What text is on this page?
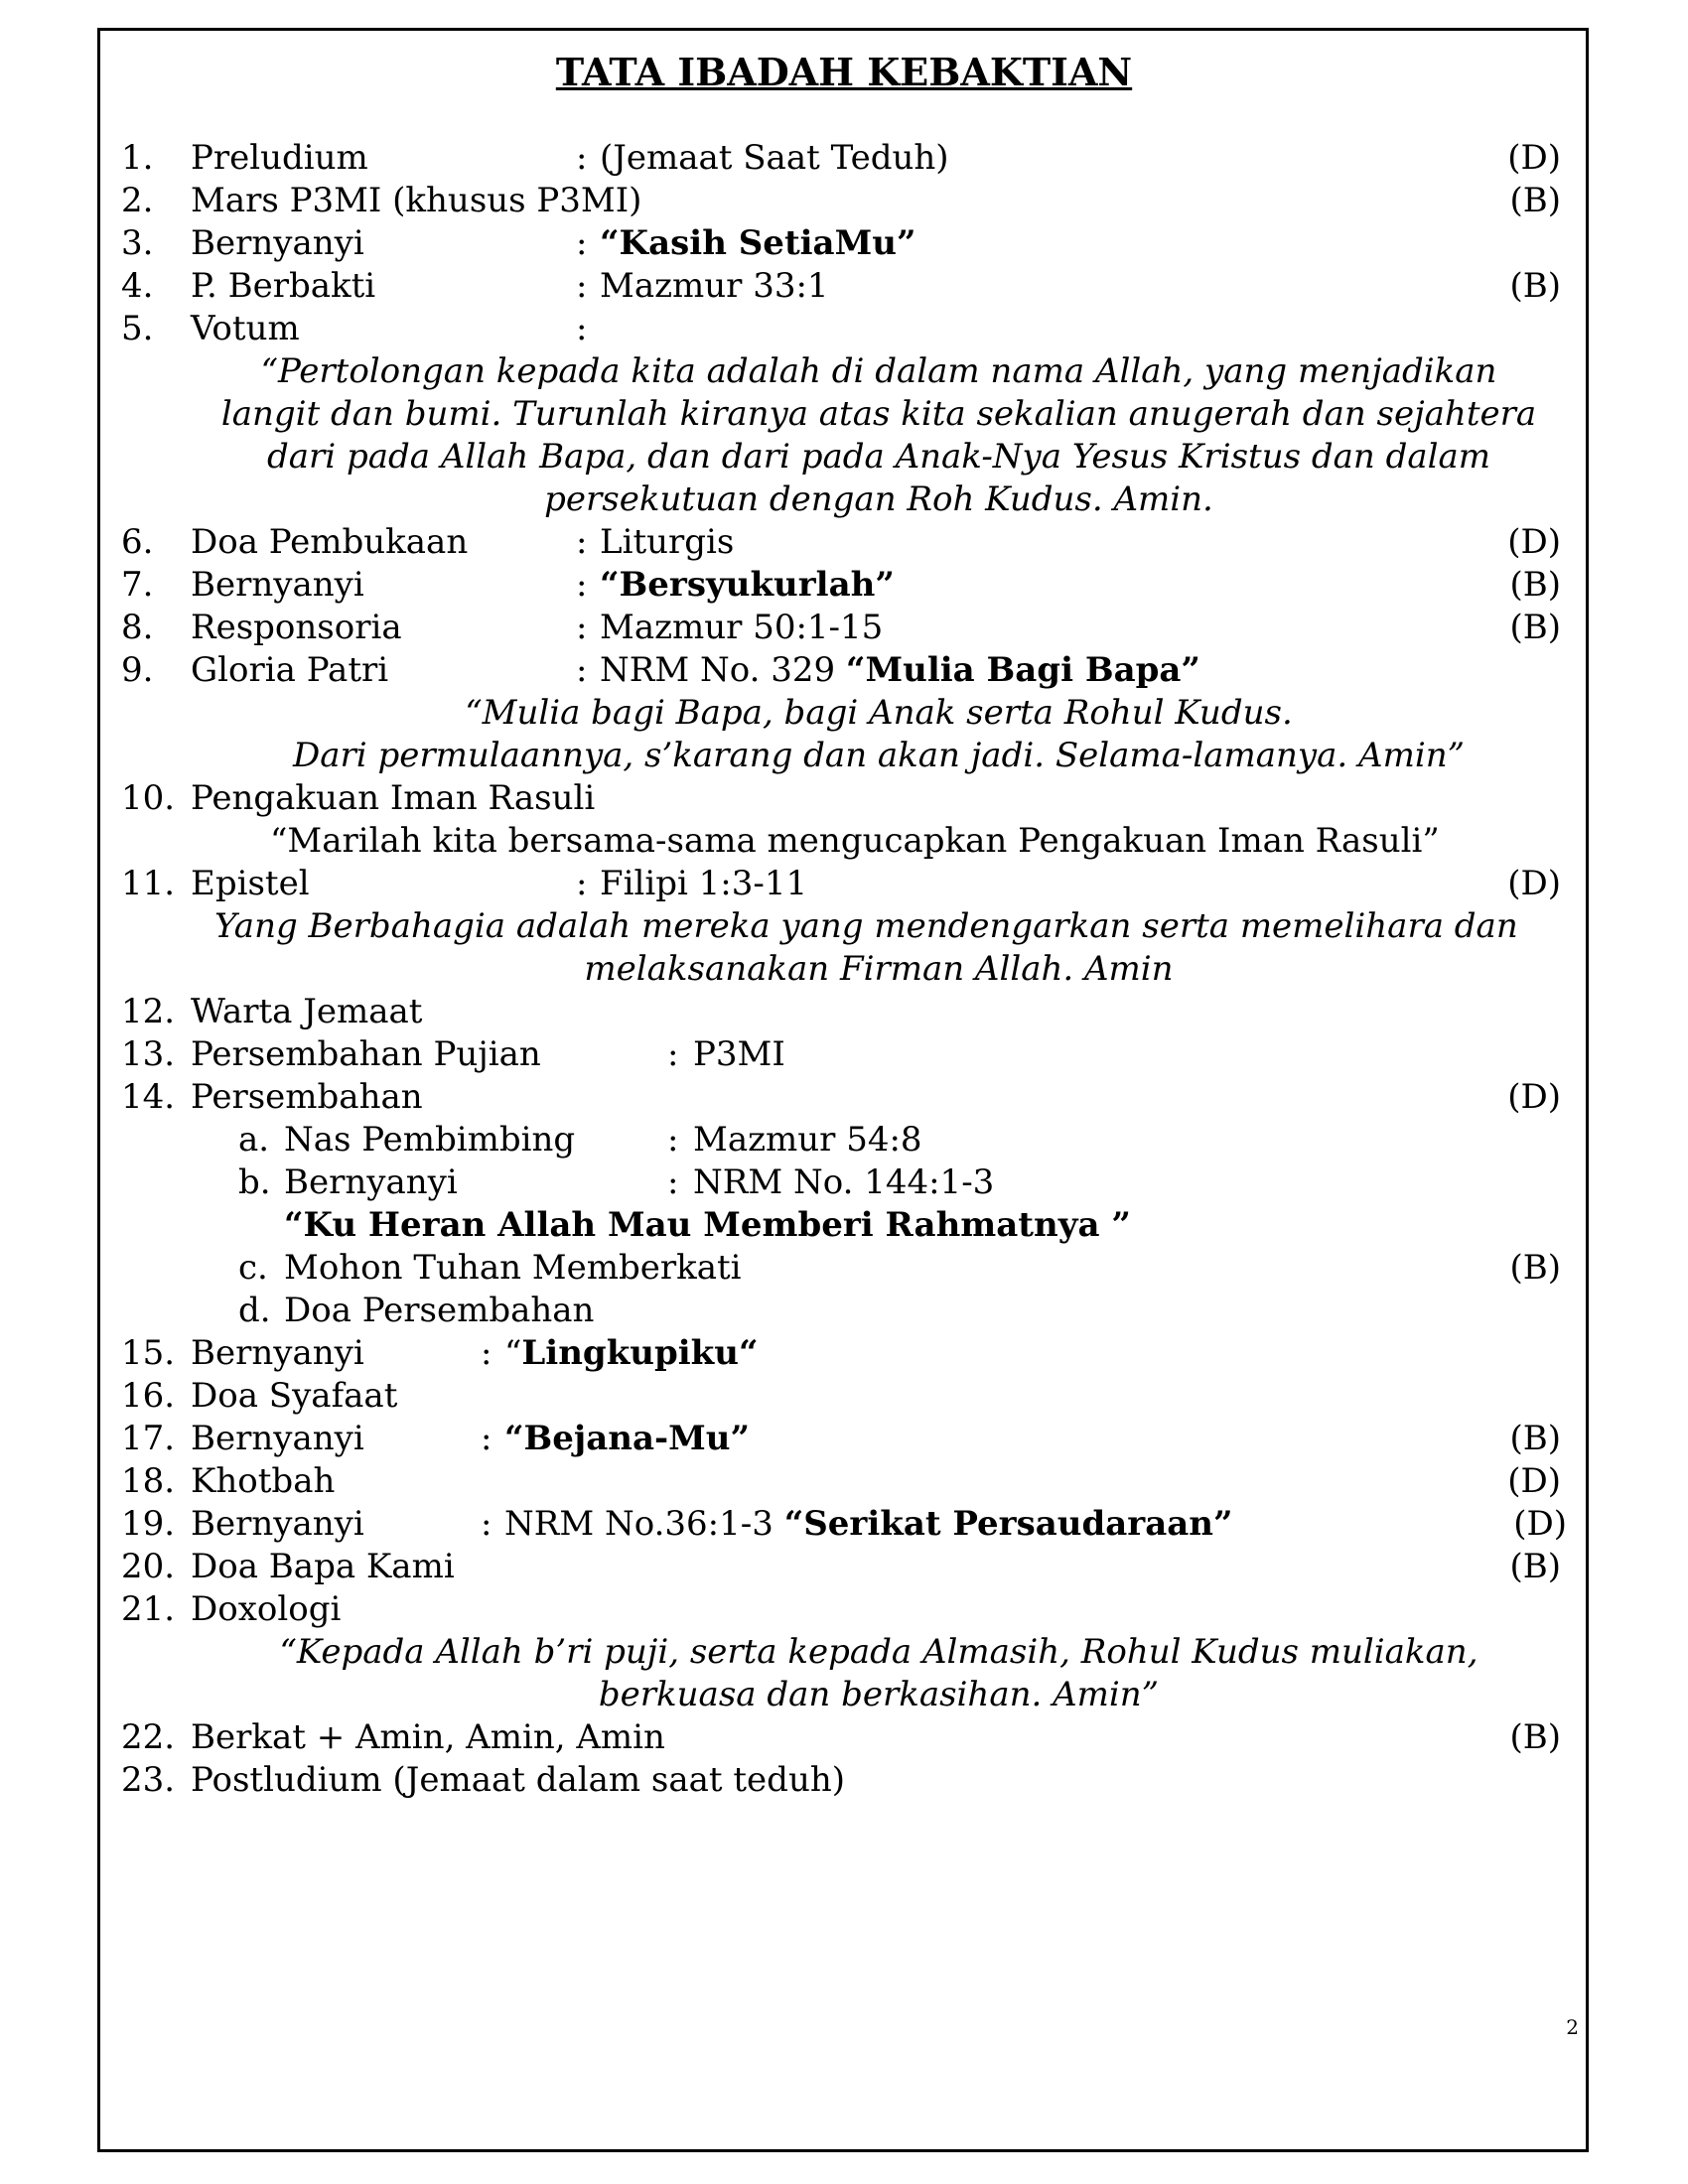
TATA IBADAH KEBAKTIAN
1. Preludium	: (Jemaat Saat Teduh)	(D)
2. Mars P3MI (khusus P3MI)	(B)
3. Bernyanyi	: “Kasih SetiaMu”
4. P. Berbakti	: Mazmur 33:1	(B)
5. Votum	:
“Pertolongan kepada kita adalah di dalam nama Allah, yang menjadikan
langit dan bumi. Turunlah kiranya atas kita sekalian anugerah dan sejahtera
dari pada Allah Bapa, dan dari pada Anak-Nya Yesus Kristus dan dalam
persekutuan dengan Roh Kudus. Amin.
6. Doa Pembukaan	: Liturgis	(D)
7. Bernyanyi	: “Bersyukurlah”	(B)
8. Responsoria	: Mazmur 50:1-15	(B)
9. Gloria Patri	: NRM No. 329 “Mulia Bagi Bapa”
“Mulia bagi Bapa, bagi Anak serta Rohul Kudus.
Dari permulaannya, s’karang dan akan jadi. Selama-lamanya. Amin”
10. Pengakuan Iman Rasuli
“Marilah kita bersama-sama mengucapkan Pengakuan Iman Rasuli”
11. Epistel	: Filipi 1:3-11	(D)
Yang Berbahagia adalah mereka yang mendengarkan serta memelihara dan
melaksanakan Firman Allah. Amin
12. Warta Jemaat
13. Persembahan Pujian	: P3MI
14. Persembahan	(D)
a. Nas Pembimbing	: Mazmur 54:8
b. Bernyanyi	: NRM No. 144:1-3
“Ku Heran Allah Mau Memberi Rahmatnya ”
c. Mohon Tuhan Memberkati	(B)
d. Doa Persembahan
15. Bernyanyi	: “Lingkupiku“
16. Doa Syafaat
17. Bernyanyi	: “Bejana-Mu”	(B)
18. Khotbah	(D)
19. Bernyanyi	: NRM No.36:1-3 “Serikat Persaudaraan”	(D)
20. Doa Bapa Kami	(B)
21. Doxologi
“Kepada Allah b’ri puji, serta kepada Almasih, Rohul Kudus muliakan,
berkuasa dan berkasihan. Amin”
22. Berkat + Amin, Amin, Amin	(B)
23. Postludium (Jemaat dalam saat teduh)
2
